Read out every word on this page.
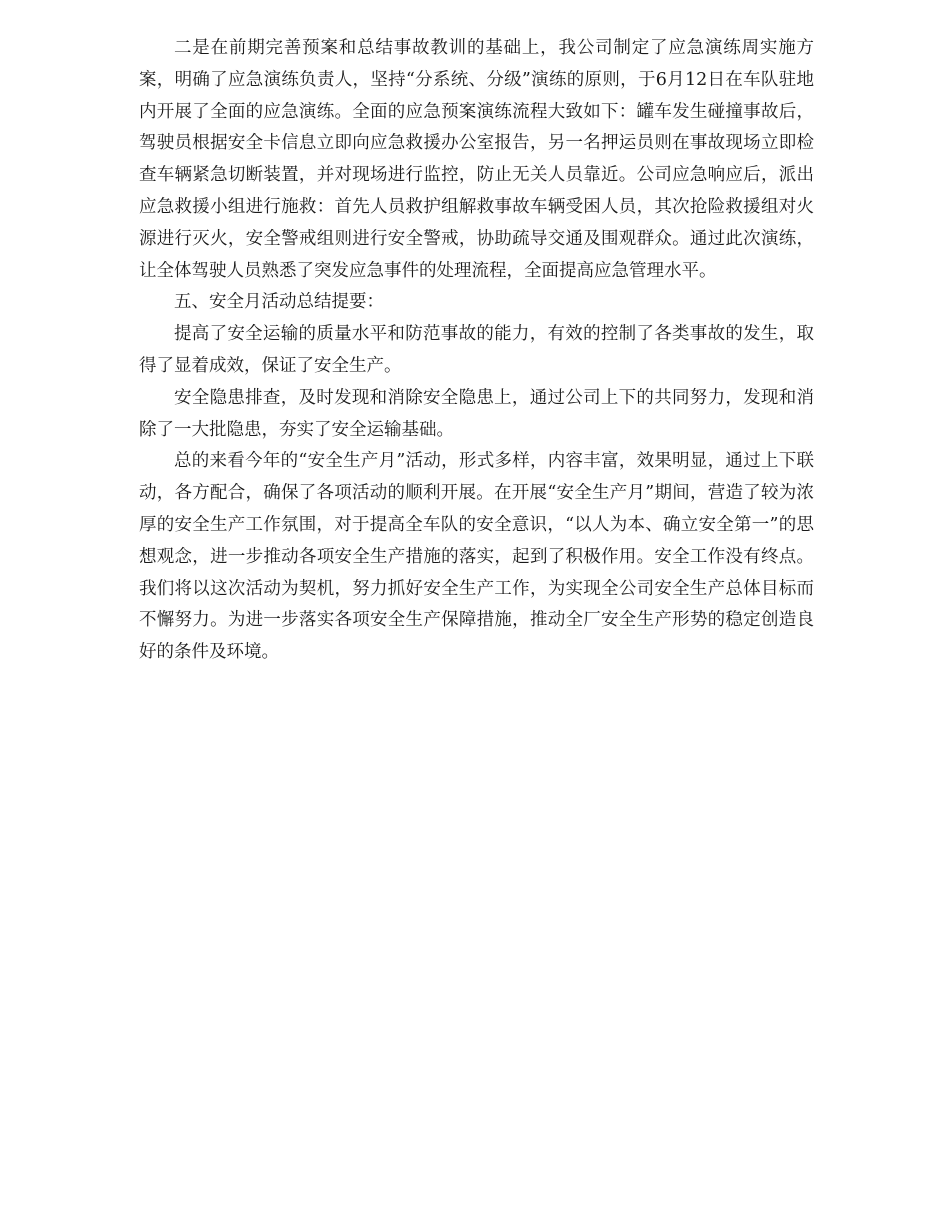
二是在前期完善预案和总结事故教训的基础上，我公司制定了应急演练周实施方案，明确了应急演练负责人，坚持“分系统、分级”演练的原则，于6月12日在车队驻地内开展了全面的应急演练。全面的应急预案演练流程大致如下：罐车发生碰撞事故后，驾驶员根据安全卡信息立即向应急救援办公室报告，另一名押运员则在事故现场立即检查车辆紧急切断装置，并对现场进行监控，防止无关人员靠近。公司应急响应后，派出应急救援小组进行施救：首先人员救护组解救事故车辆受困人员，其次抢险救援组对火源进行灭火，安全警戒组则进行安全警戒，协助疏导交通及围观群众。通过此次演练，让全体驾驶人员熟悉了突发应急事件的处理流程，全面提高应急管理水平。

五、安全月活动总结提要：

提高了安全运输的质量水平和防范事故的能力，有效的控制了各类事故的发生，取得了显着成效，保证了安全生产。

安全隐患排查，及时发现和消除安全隐患上，通过公司上下的共同努力，发现和消除了一大批隐患，夯实了安全运输基础。

总的来看今年的“安全生产月”活动，形式多样，内容丰富，效果明显，通过上下联动，各方配合，确保了各项活动的顺利开展。在开展“安全生产月”期间，营造了较为浓厚的安全生产工作氛围，对于提高全车队的安全意识，“以人为本、确立安全第一”的思想观念，进一步推动各项安全生产措施的落实，起到了积极作用。安全工作没有终点。我们将以这次活动为契机，努力抓好安全生产工作，为实现全公司安全生产总体目标而不懈努力。为进一步落实各项安全生产保障措施，推动全厂安全生产形势的稳定创造良好的条件及环境。
